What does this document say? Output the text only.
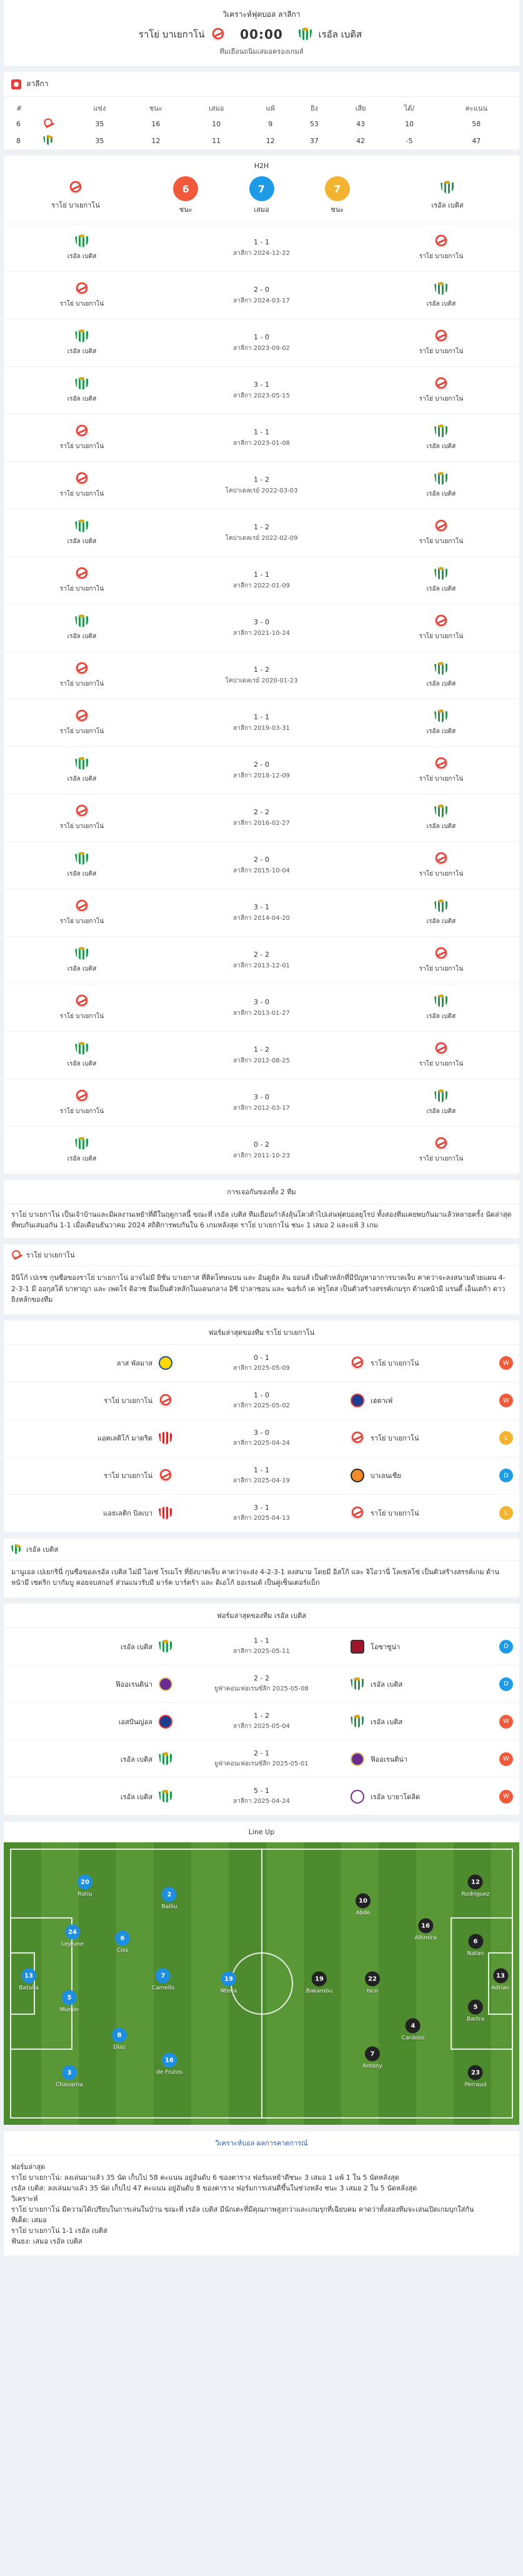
วิเคราะห์ฟุตบอล ลาลีกา
ราโย่ บาเยกาโน่	00:00	เรอัล เบติส
ทีมเยือนถนิมเสมอครองเกมส์
ลาลีกา
#		แข่ง	ชนะ	เสมอ	แพ้	ยิง	เสีย	ได้/	คะแนน
6		35	16	10	9	53	43	10	58
8		35	12	11	12	37	42	-5	47
H2H
ราโย่ บาเยกาโน่
6
ชนะ
7
เสมอ
7
ชนะ
เรอัล เบติส
เรอัล เบติส
1 - 1
ลาลีกา 2024-12-22	ราโย่ บาเยกาโน่
ราโย่ บาเยกาโน่
2 - 0
ลาลีกา 2024-03-17	เรอัล เบติส
เรอัล เบติส
1 - 0
ลาลีกา 2023-09-02	ราโย่ บาเยกาโน่
เรอัล เบติส
3 - 1
ลาลีกา 2023-05-15	ราโย่ บาเยกาโน่
ราโย่ บาเยกาโน่
1 - 1
ลาลีกา 2023-01-08	เรอัล เบติส
ราโย่ บาเยกาโน่
1 - 2
โคปาเดลเรย์ 2022-03-03	เรอัล เบติส
เรอัล เบติส
1 - 2
โคปาเดลเรย์ 2022-02-09	ราโย่ บาเยกาโน่
ราโย่ บาเยกาโน่
1 - 1
ลาลีกา 2022-01-09	เรอัล เบติส
เรอัล เบติส
3 - 0
ลาลีกา 2021-10-24	ราโย่ บาเยกาโน่
ราโย่ บาเยกาโน่
1 - 2
โคปาเดลเรย์ 2020-01-23	เรอัล เบติส
ราโย่ บาเยกาโน่
1 - 1
ลาลีกา 2019-03-31	เรอัล เบติส
เรอัล เบติส
2 - 0
ลาลีกา 2018-12-09	ราโย่ บาเยกาโน่
ราโย่ บาเยกาโน่
2 - 2
ลาลีกา 2016-02-27	เรอัล เบติส
เรอัล เบติส
2 - 0
ลาลีกา 2015-10-04	ราโย่ บาเยกาโน่
ราโย่ บาเยกาโน่
3 - 1
ลาลีกา 2014-04-20	เรอัล เบติส
เรอัล เบติส
2 - 2
ลาลีกา 2013-12-01	ราโย่ บาเยกาโน่
ราโย่ บาเยกาโน่
3 - 0
ลาลีกา 2013-01-27	เรอัล เบติส
เรอัล เบติส
1 - 2
ลาลีกา 2012-08-25	ราโย่ บาเยกาโน่
ราโย่ บาเยกาโน่
3 - 0
ลาลีกา 2012-03-17	เรอัล เบติส
เรอัล เบติส
0 - 2
ลาลีกา 2011-10-23	ราโย่ บาเยกาโน่
การเจอกันของทั้ง 2 ทีม
ราโย่ บาเยกาโน่ เป็นเจ้าบ้านและมีผลงานเหย้าที่ดีในฤดูกาลนี้ ขณะที่ เรอัล เบติส ทีมเยือนกำลังลุ้นโควต้าไปเล่นฟุตบอลยุโรป ทั้งสองทีมเคยพบกันมาแล้วหลายครั้ง นัดล่าสุดที่พบกันเสมอกัน 1-1 เมื่อเดือนธันวาคม 2024 สถิติการพบกันใน 6 เกมหลังสุด ราโย่ บาเยกาโน่ ชนะ 1 เสมอ 2 และแพ้ 3 เกม
ราโย่ บาเยกาโน่
อินิโก้ เปเรซ กุนซือของราโย่ บาเยกาโน่ อาจไม่มี ยิชัน บาเยกาส ที่ติดโทษแบน และ อันดูยัล ลัน ยอนส์ เป็นตัวหลักที่มีปัญหาอาการบาดเจ็บ คาดว่าจะลงสนามด้วยแผน 4-2-3-1 มี ออกุสโต้ บาทาญา และ เพดโร่ ดิอาซ ยืนเป็นตัวหลักในแดนกลาง อิซิ ปาลาซอน และ ฆอร์เก้ เด ฟรูโตส เป็นตัวสร้างสรรค์เกมรุก ด้านหน้ามี แรนดี้ เอ็นเตก้า ดาวยิงหลักของทีม
ฟอร์มล่าสุดของทีม ราโย่ บาเยกาโน่
ลาส พัลมาส
0 - 1
ลาลีกา 2025-05-09
ราโย่ บาเยกาโน่	W
ราโย่ บาเยกาโน่
1 - 0
ลาลีกา 2025-05-02
เฮตาเฟ่	W
แอตเลติโก้ มาดริด
3 - 0
ลาลีกา 2025-04-24
ราโย่ บาเยกาโน่	L
ราโย่ บาเยกาโน่
1 - 1
ลาลีกา 2025-04-19
บาเลนเซีย	D
แอธเลติก บิลเบา
3 - 1
ลาลีกา 2025-04-13
ราโย่ บาเยกาโน่	L
เรอัล เบติส
มานูเอล เปเยกรินี่ กุนซือของเรอัล เบติส ไม่มี ไอเซ่ โรเมโร ที่ยังบาดเจ็บ คาดว่าจะส่ง 4-2-3-1 ลงสนาม โดยมี อิสโก้ และ จิโอวานี่ โลเซลโซ่ เป็นตัวสร้างสรรค์เกม ด้านหน้ามี เซดริก บากัมบู คอยจบสกอร์ ส่วนแนวรับมี มาร์ค บาร์ตร้า และ ดิเอโก้ ยอเรนเต้ เป็นคู่เซ็นเตอร์แบ็ก
ฟอร์มล่าสุดของทีม เรอัล เบติส
เรอัล เบติส
1 - 1
ลาลีกา 2025-05-11
โอซาซูน่า	D
ฟิออเรนติน่า
2 - 2
ยูฟ่าคอนเฟอเรนซ์ลีก 2025-05-08
เรอัล เบติส	D
เอสปันญ่อล
1 - 2
ลาลีกา 2025-05-04
เรอัล เบติส	W
เรอัล เบติส
2 - 1
ยูฟ่าคอนเฟอเรนซ์ลีก 2025-05-01
ฟิออเรนติน่า	W
เรอัล เบติส
5 - 1
ลาลีกา 2025-04-24
เรอัล บายาโดลิด	W
Line Up
13
Batalla
20
Ratiu
24
Lejeune
5
Mumin
3
Chavarria
6
Ciss
8
Diaz
7
Camello
2
Balliu
19
Nteka
16
de Frutos
13
Adrian
12
Rodriguez
6
Natan
5
Bartra
23
Perraud
16
Altimira
4
Cardoso
10
Abde
22
Isco
7
Antony
19
Bakambu
วิเคราะห์บอล ผลการคาดการณ์
ฟอร์มล่าสุด
ราโย่ บาเยกาโน่: ลงเล่นมาแล้ว 35 นัด เก็บไป 58 คะแนน อยู่อันดับ 6 ของตาราง ฟอร์มเหย้าดีชนะ 3 เสมอ 1 แพ้ 1 ใน 5 นัดหลังสุด
เรอัล เบติส: ลงเล่นมาแล้ว 35 นัด เก็บไป 47 คะแนน อยู่อันดับ 8 ของตาราง ฟอร์มการเล่นดีขึ้นในช่วงหลัง ชนะ 3 เสมอ 2 ใน 5 นัดหลังสุด
วิเคราะห์
ราโย่ บาเยกาโน่ มีความได้เปรียบในการเล่นในบ้าน ขณะที่ เรอัล เบติส มีนักเตะที่มีคุณภาพสูงกว่าและเกมรุกที่เฉียบคม คาดว่าทั้งสองทีมจะเล่นเปิดเกมบุกใส่กัน
ทีเด็ด: เสมอ
ราโย่ บาเยกาโน่ 1-1 เรอัล เบติส
ฟันธง: เสมอ เรอัล เบติส
